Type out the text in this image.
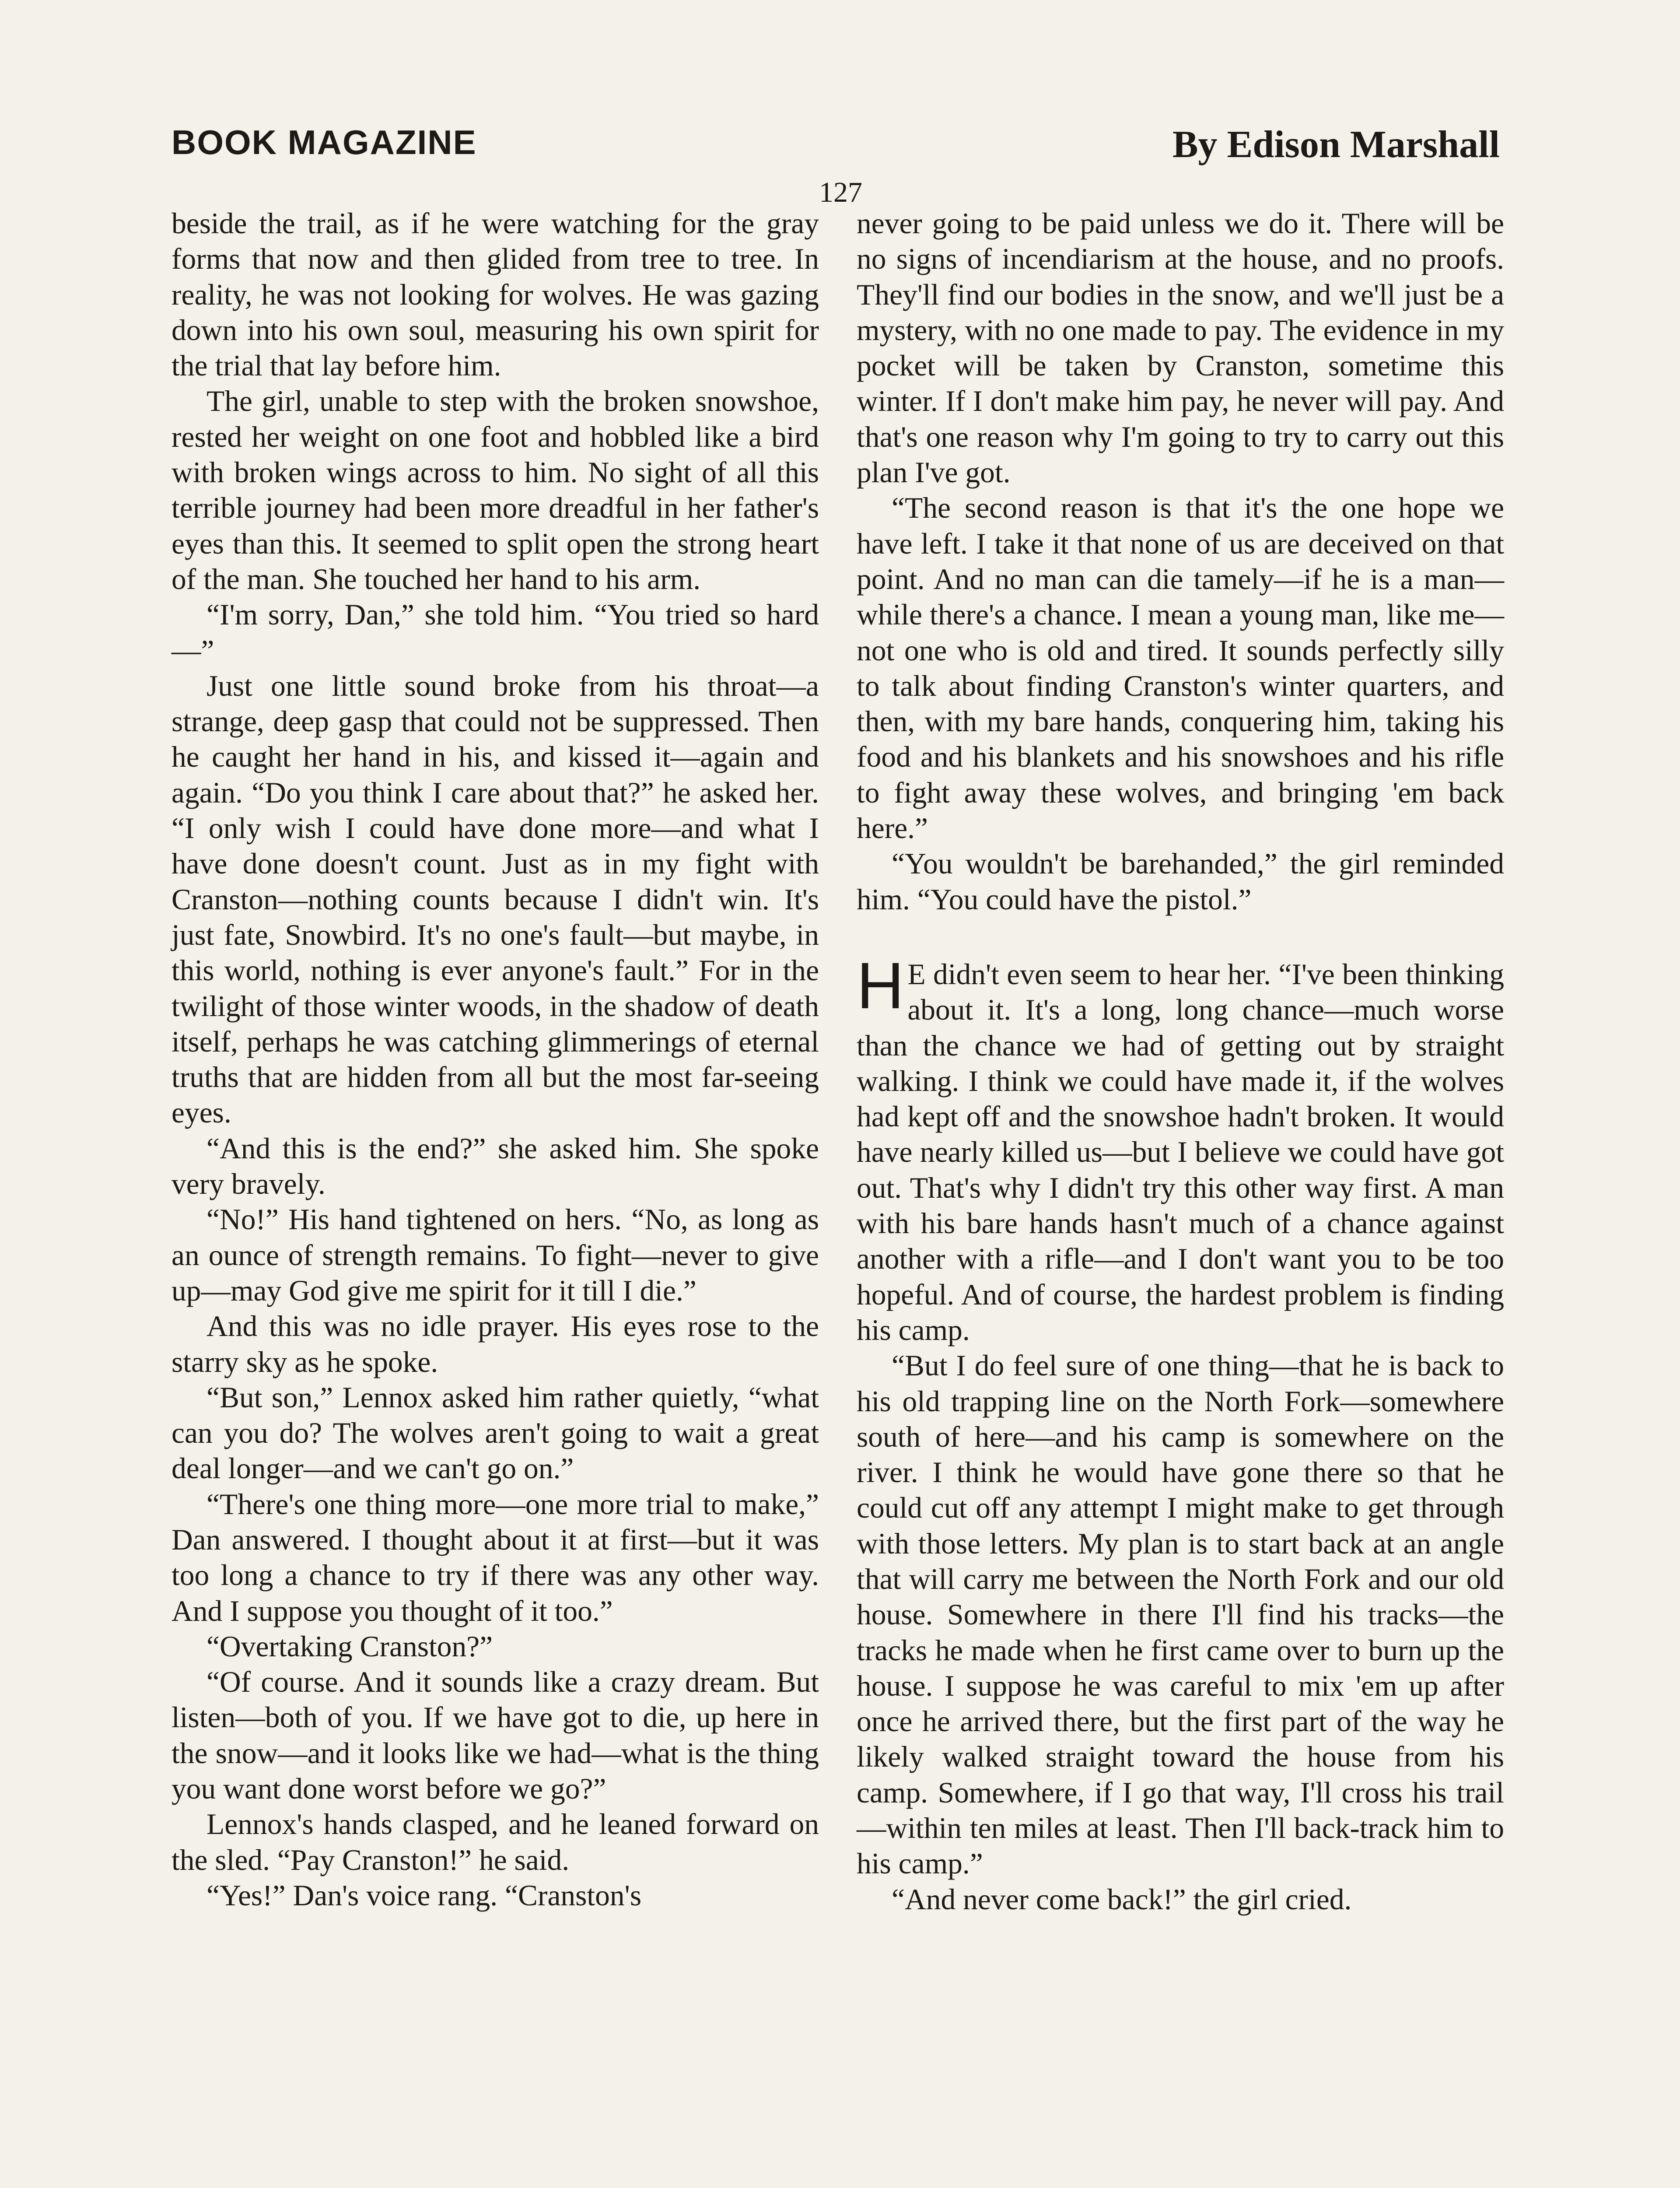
BOOK MAGAZINE	By Edison Marshall
127

beside the trail, as if he were watching for the gray forms that now and then glided from tree to tree. In reality, he was not looking for wolves. He was gazing down into his own soul, measuring his own spirit for the trial that lay before him.

The girl, unable to step with the broken snowshoe, rested her weight on one foot and hobbled like a bird with broken wings across to him. No sight of all this terrible journey had been more dreadful in her father's eyes than this. It seemed to split open the strong heart of the man. She touched her hand to his arm.

“I'm sorry, Dan,” she told him. “You tried so hard—”

Just one little sound broke from his throat—a strange, deep gasp that could not be suppressed. Then he caught her hand in his, and kissed it—again and again. “Do you think I care about that?” he asked her. “I only wish I could have done more—and what I have done doesn't count. Just as in my fight with Cranston—nothing counts because I didn't win. It's just fate, Snowbird. It's no one's fault—but maybe, in this world, nothing is ever anyone's fault.” For in the twilight of those winter woods, in the shadow of death itself, perhaps he was catching glimmerings of eternal truths that are hidden from all but the most far-seeing eyes.

“And this is the end?” she asked him. She spoke very bravely.

“No!” His hand tightened on hers. “No, as long as an ounce of strength remains. To fight—never to give up—may God give me spirit for it till I die.”

And this was no idle prayer. His eyes rose to the starry sky as he spoke.

“But son,” Lennox asked him rather quietly, “what can you do? The wolves aren't going to wait a great deal longer—and we can't go on.”

“There's one thing more—one more trial to make,” Dan answered. I thought about it at first—but it was too long a chance to try if there was any other way. And I suppose you thought of it too.”

“Overtaking Cranston?”

“Of course. And it sounds like a crazy dream. But listen—both of you. If we have got to die, up here in the snow—and it looks like we had—what is the thing you want done worst before we go?”

Lennox's hands clasped, and he leaned forward on the sled. “Pay Cranston!” he said.

“Yes!” Dan's voice rang. “Cranston's

never going to be paid unless we do it. There will be no signs of incendiarism at the house, and no proofs. They'll find our bodies in the snow, and we'll just be a mystery, with no one made to pay. The evidence in my pocket will be taken by Cranston, sometime this winter. If I don't make him pay, he never will pay. And that's one reason why I'm going to try to carry out this plan I've got.

“The second reason is that it's the one hope we have left. I take it that none of us are deceived on that point. And no man can die tamely—if he is a man—while there's a chance. I mean a young man, like me—not one who is old and tired. It sounds perfectly silly to talk about finding Cranston's winter quarters, and then, with my bare hands, conquering him, taking his food and his blankets and his snowshoes and his rifle to fight away these wolves, and bringing 'em back here.”

“You wouldn't be barehanded,” the girl reminded him. “You could have the pistol.”

H E didn't even seem to hear her. “I've been thinking about it. It's a long, long chance—much worse than the chance we had of getting out by straight walking. I think we could have made it, if the wolves had kept off and the snowshoe hadn't broken. It would have nearly killed us—but I believe we could have got out. That's why I didn't try this other way first. A man with his bare hands hasn't much of a chance against another with a rifle—and I don't want you to be too hopeful. And of course, the hardest problem is finding his camp.

“But I do feel sure of one thing—that he is back to his old trapping line on the North Fork—somewhere south of here—and his camp is somewhere on the river. I think he would have gone there so that he could cut off any attempt I might make to get through with those letters. My plan is to start back at an angle that will carry me between the North Fork and our old house. Somewhere in there I'll find his tracks—the tracks he made when he first came over to burn up the house. I suppose he was careful to mix 'em up after once he arrived there, but the first part of the way he likely walked straight toward the house from his camp. Somewhere, if I go that way, I'll cross his trail—within ten miles at least. Then I'll back-track him to his camp.”

“And never come back!” the girl cried.
